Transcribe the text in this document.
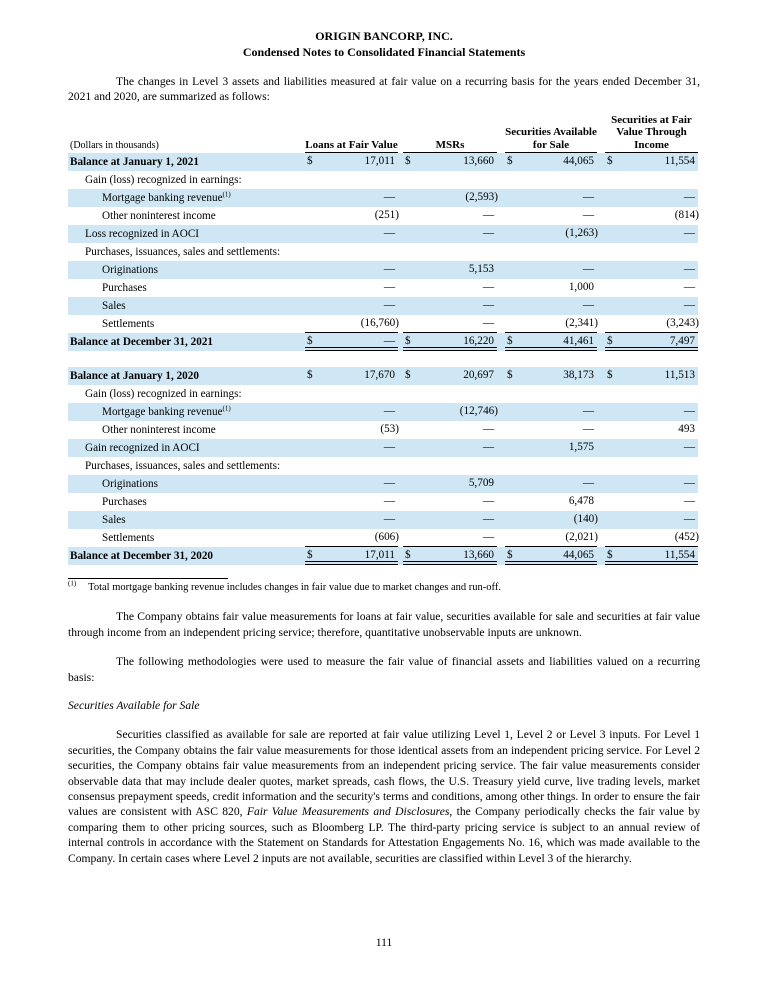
ORIGIN BANCORP, INC.
Condensed Notes to Consolidated Financial Statements

The changes in Level 3 assets and liabilities measured at fair value on a recurring basis for the years ended December 31, 2021 and 2020, are summarized as follows:

(Dollars in thousands)	Loans at Fair Value	MSRs	Securities Available for Sale	Securities at Fair Value Through Income

Balance at January 1, 2021	$ 17,011	$ 13,660	$ 44,065	$ 11,554

Gain (loss) recognized in earnings:	

Mortgage banking revenue$^{(1)}$	—	(2,593)	—	—

Other noninterest income	(251)	—	—	(814)

Loss recognized in AOCI	—	—	(1,263)	—

Purchases, issuances, sales and settlements:	

Originations	—	5,153	—	—

Purchases	—	—	1,000	—

Sales	—	—	—	—

Settlements	(16,760)	—	(2,341)	(3,243)

Balance at December 31, 2021	$ —	$ 16,220	$ 41,461	$ 7,497

Balance at January 1, 2020	$ 17,670	$ 20,697	$ 38,173	$ 11,513

Gain (loss) recognized in earnings:	

Mortgage banking revenue$^{(1)}$	—	(12,746)	—	—

Other noninterest income	(53)	—	—	493

Gain recognized in AOCI	—	—	1,575	—

Purchases, issuances, sales and settlements:	

Originations	—	5,709	—	—

Purchases	—	—	6,478	—

Sales	—	—	(140)	—

Settlements	(606)	—	(2,021)	(452)

Balance at December 31, 2020	$ 17,011	$ 13,660	$ 44,065	$ 11,554

$^{(1)}$ Total mortgage banking revenue includes changes in fair value due to market changes and run-off.

The Company obtains fair value measurements for loans at fair value, securities available for sale and securities at fair value through income from an independent pricing service; therefore, quantitative unobservable inputs are unknown.

The following methodologies were used to measure the fair value of financial assets and liabilities valued on a recurring basis:

Securities Available for Sale

Securities classified as available for sale are reported at fair value utilizing Level 1, Level 2 or Level 3 inputs. For Level 1 securities, the Company obtains the fair value measurements for those identical assets from an independent pricing service. For Level 2 securities, the Company obtains fair value measurements from an independent pricing service. The fair value measurements consider observable data that may include dealer quotes, market spreads, cash flows, the U.S. Treasury yield curve, live trading levels, market consensus prepayment speeds, credit information and the security's terms and conditions, among other things. In order to ensure the fair values are consistent with ASC 820, Fair Value Measurements and Disclosures, the Company periodically checks the fair value by comparing them to other pricing sources, such as Bloomberg LP. The third-party pricing service is subject to an annual review of internal controls in accordance with the Statement on Standards for Attestation Engagements No. 16, which was made available to the Company. In certain cases where Level 2 inputs are not available, securities are classified within Level 3 of the hierarchy.

111
